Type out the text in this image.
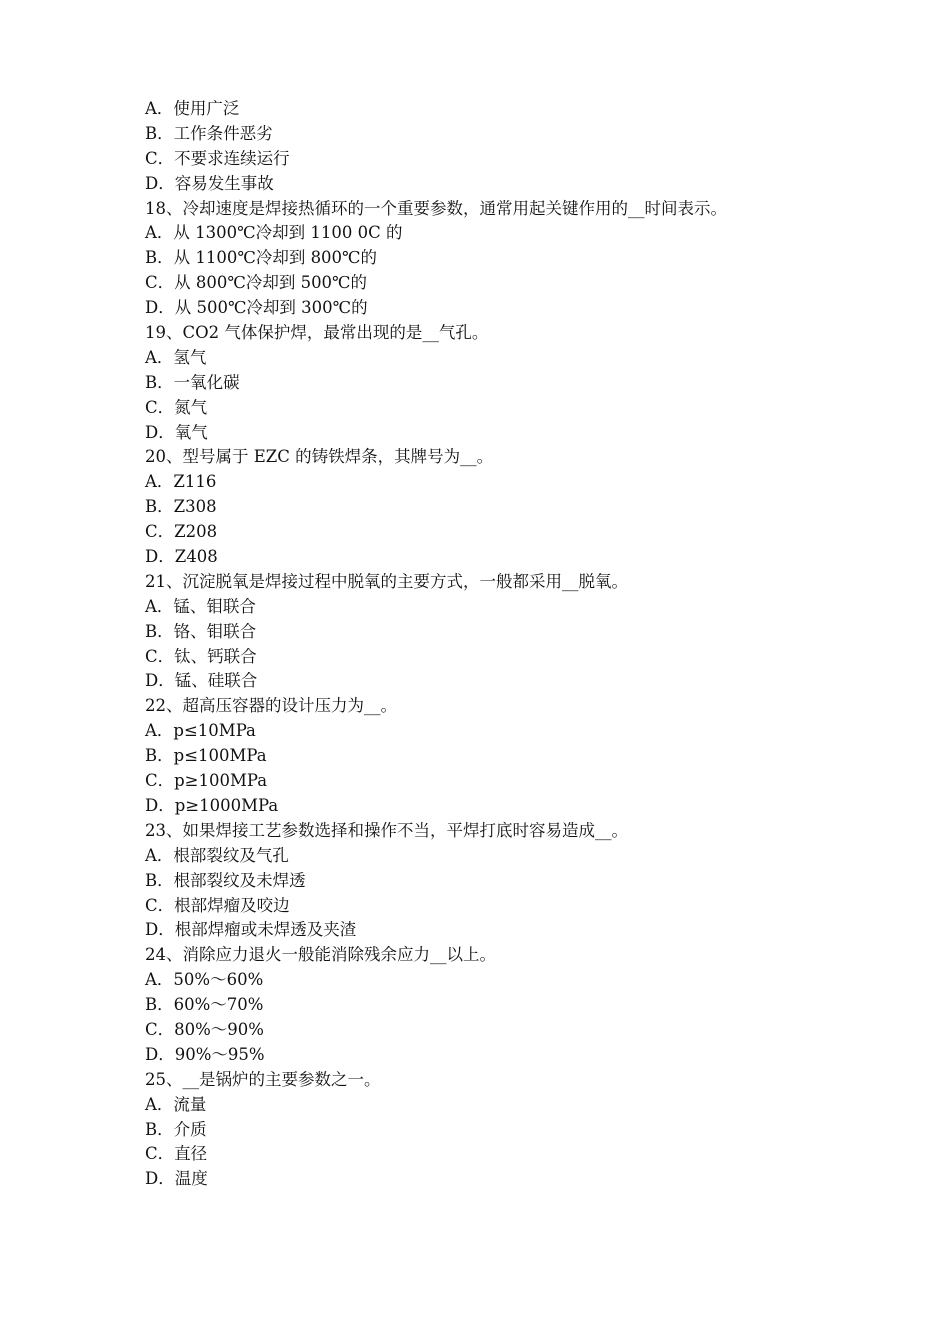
A．使用广泛
B．工作条件恶劣
C．不要求连续运行
D．容易发生事故
18、冷却速度是焊接热循环的一个重要参数，通常用起关键作用的__时间表示。
A．从 1300℃冷却到 1100 0C 的
B．从 1100℃冷却到 800℃的
C．从 800℃冷却到 500℃的
D．从 500℃冷却到 300℃的
19、CO2 气体保护焊，最常出现的是__气孔。
A．氢气
B．一氧化碳
C．氮气
D．氧气
20、型号属于 EZC 的铸铁焊条，其牌号为__。
A．Z116
B．Z308
C．Z208
D．Z408
21、沉淀脱氧是焊接过程中脱氧的主要方式，一般都采用__脱氧。
A．锰、钼联合
B．铬、钼联合
C．钛、钙联合
D．锰、硅联合
22、超高压容器的设计压力为__。
A．p≤10MPa
B．p≤100MPa
C．p≥100MPa
D．p≥1000MPa
23、如果焊接工艺参数选择和操作不当，平焊打底时容易造成__。
A．根部裂纹及气孔
B．根部裂纹及未焊透
C．根部焊瘤及咬边
D．根部焊瘤或未焊透及夹渣
24、消除应力退火一般能消除残余应力__以上。
A．50%～60%
B．60%～70%
C．80%～90%
D．90%～95%
25、__是锅炉的主要参数之一。
A．流量
B．介质
C．直径
D．温度
